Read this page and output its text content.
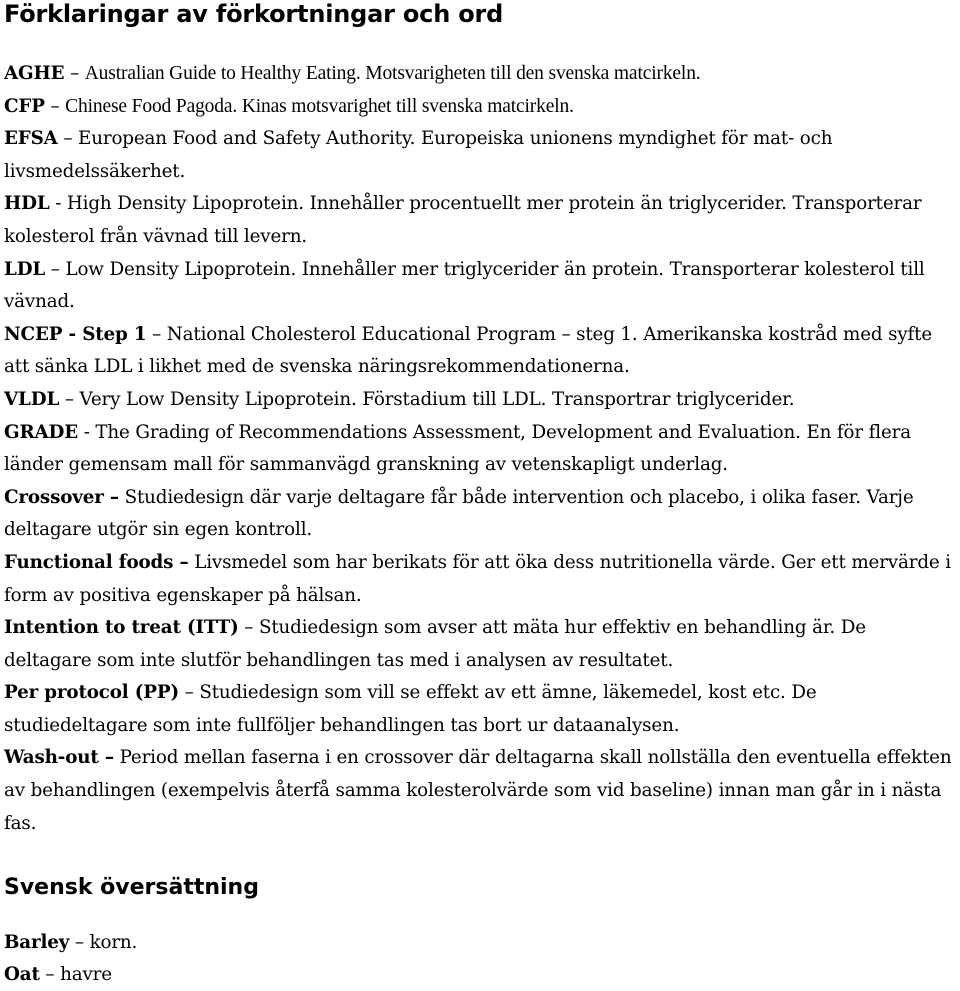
Förklaringar av förkortningar och ord

AGHE – Australian Guide to Healthy Eating. Motsvarigheten till den svenska matcirkeln.

CFP – Chinese Food Pagoda. Kinas motsvarighet till svenska matcirkeln.

EFSA – European Food and Safety Authority. Europeiska unionens myndighet för mat- och livsmedelssäkerhet.

HDL - High Density Lipoprotein. Innehåller procentuellt mer protein än triglycerider. Transporterar kolesterol från vävnad till levern.

LDL – Low Density Lipoprotein. Innehåller mer triglycerider än protein. Transporterar kolesterol till vävnad.

NCEP - Step 1 – National Cholesterol Educational Program – steg 1. Amerikanska kostråd med syfte att sänka LDL i likhet med de svenska näringsrekommendationerna.

VLDL – Very Low Density Lipoprotein. Förstadium till LDL. Transportrar triglycerider.

GRADE - The Grading of Recommendations Assessment, Development and Evaluation. En för flera länder gemensam mall för sammanvägd granskning av vetenskapligt underlag.

Crossover – Studiedesign där varje deltagare får både intervention och placebo, i olika faser. Varje deltagare utgör sin egen kontroll.

Functional foods – Livsmedel som har berikats för att öka dess nutritionella värde. Ger ett mervärde i form av positiva egenskaper på hälsan.

Intention to treat (ITT) – Studiedesign som avser att mäta hur effektiv en behandling är. De deltagare som inte slutför behandlingen tas med i analysen av resultatet.

Per protocol (PP) – Studiedesign som vill se effekt av ett ämne, läkemedel, kost etc. De studiedeltagare som inte fullföljer behandlingen tas bort ur dataanalysen.

Wash-out – Period mellan faserna i en crossover där deltagarna skall nollställa den eventuella effekten av behandlingen (exempelvis återfå samma kolesterolvärde som vid baseline) innan man går in i nästa fas.

Svensk översättning

Barley – korn.

Oat – havre
